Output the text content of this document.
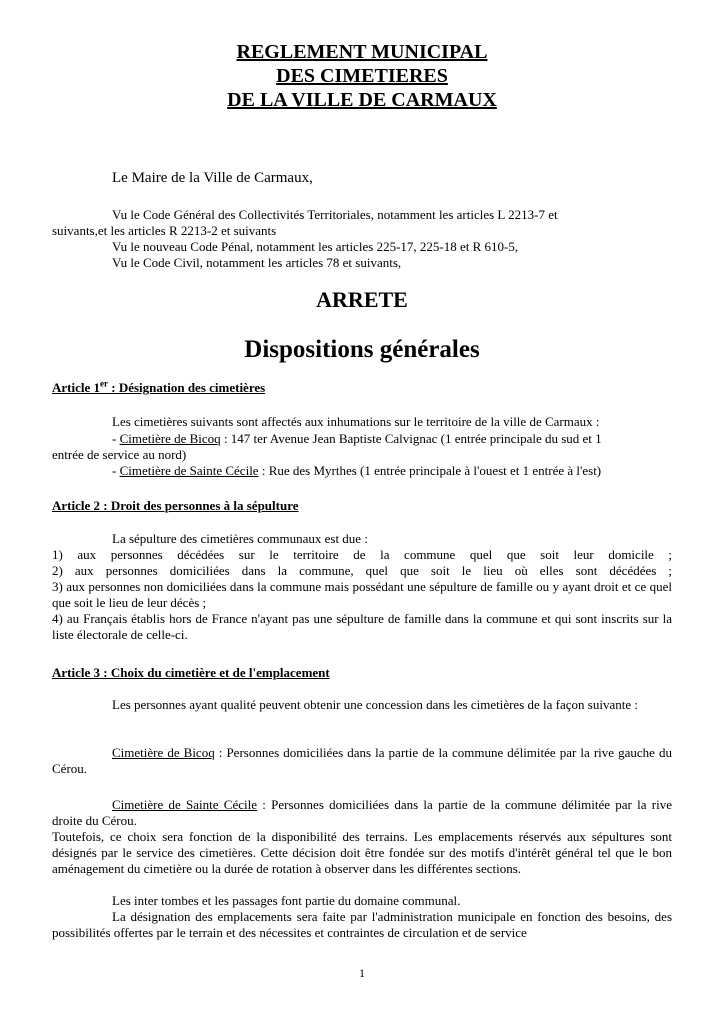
REGLEMENT MUNICIPAL
DES CIMETIERES
DE LA VILLE DE CARMAUX
Le Maire de la Ville de Carmaux,
Vu le Code Général des Collectivités Territoriales, notamment les articles L 2213-7 et
suivants,et les articles R 2213-2 et suivants
Vu le nouveau Code Pénal, notamment les articles 225-17, 225-18 et R 610-5,
Vu le Code Civil, notamment les articles 78 et suivants,
ARRETE
Dispositions générales
Article 1er : Désignation des cimetières
Les cimetières suivants sont affectés aux inhumations sur le territoire de la ville de Carmaux :
- Cimetière de Bicoq : 147 ter Avenue Jean Baptiste Calvignac (1 entrée principale du sud et 1
entrée de service au nord)
- Cimetière de Sainte Cécile : Rue des Myrthes (1 entrée principale à l'ouest et 1 entrée à l'est)
Article 2 : Droit des personnes à la sépulture
La sépulture des cimetières communaux est due :
1) aux personnes décédées sur le territoire de la commune quel que soit leur domicile ;
2) aux personnes domiciliées dans la commune, quel que soit le lieu où elles sont décédées ;
3) aux personnes non domiciliées dans la commune mais possédant une sépulture de famille ou y ayant droit et ce quel que soit le lieu de leur décès ;
4) au Français établis hors de France n'ayant pas une sépulture de famille dans la commune et qui sont inscrits sur la liste électorale de celle-ci.
Article 3 : Choix du cimetière et de l'emplacement
Les personnes ayant qualité peuvent obtenir une concession dans les cimetières de la façon suivante :
Cimetière de Bicoq : Personnes domiciliées dans la partie de la commune délimitée par la rive gauche du Cérou.
Cimetière de Sainte Cécile : Personnes domiciliées dans la partie de la commune délimitée par la rive droite du Cérou.
Toutefois, ce choix sera fonction de la disponibilité des terrains. Les emplacements réservés aux sépultures sont désignés par le service des cimetières. Cette décision doit être fondée sur des motifs d'intérêt général tel que le bon aménagement du cimetière ou la durée de rotation à observer dans les différentes sections.
Les inter tombes et les passages font partie du domaine communal.
La désignation des emplacements sera faite par l'administration municipale en fonction des besoins, des possibilités offertes par le terrain et des nécessites et contraintes de circulation et de service
1
